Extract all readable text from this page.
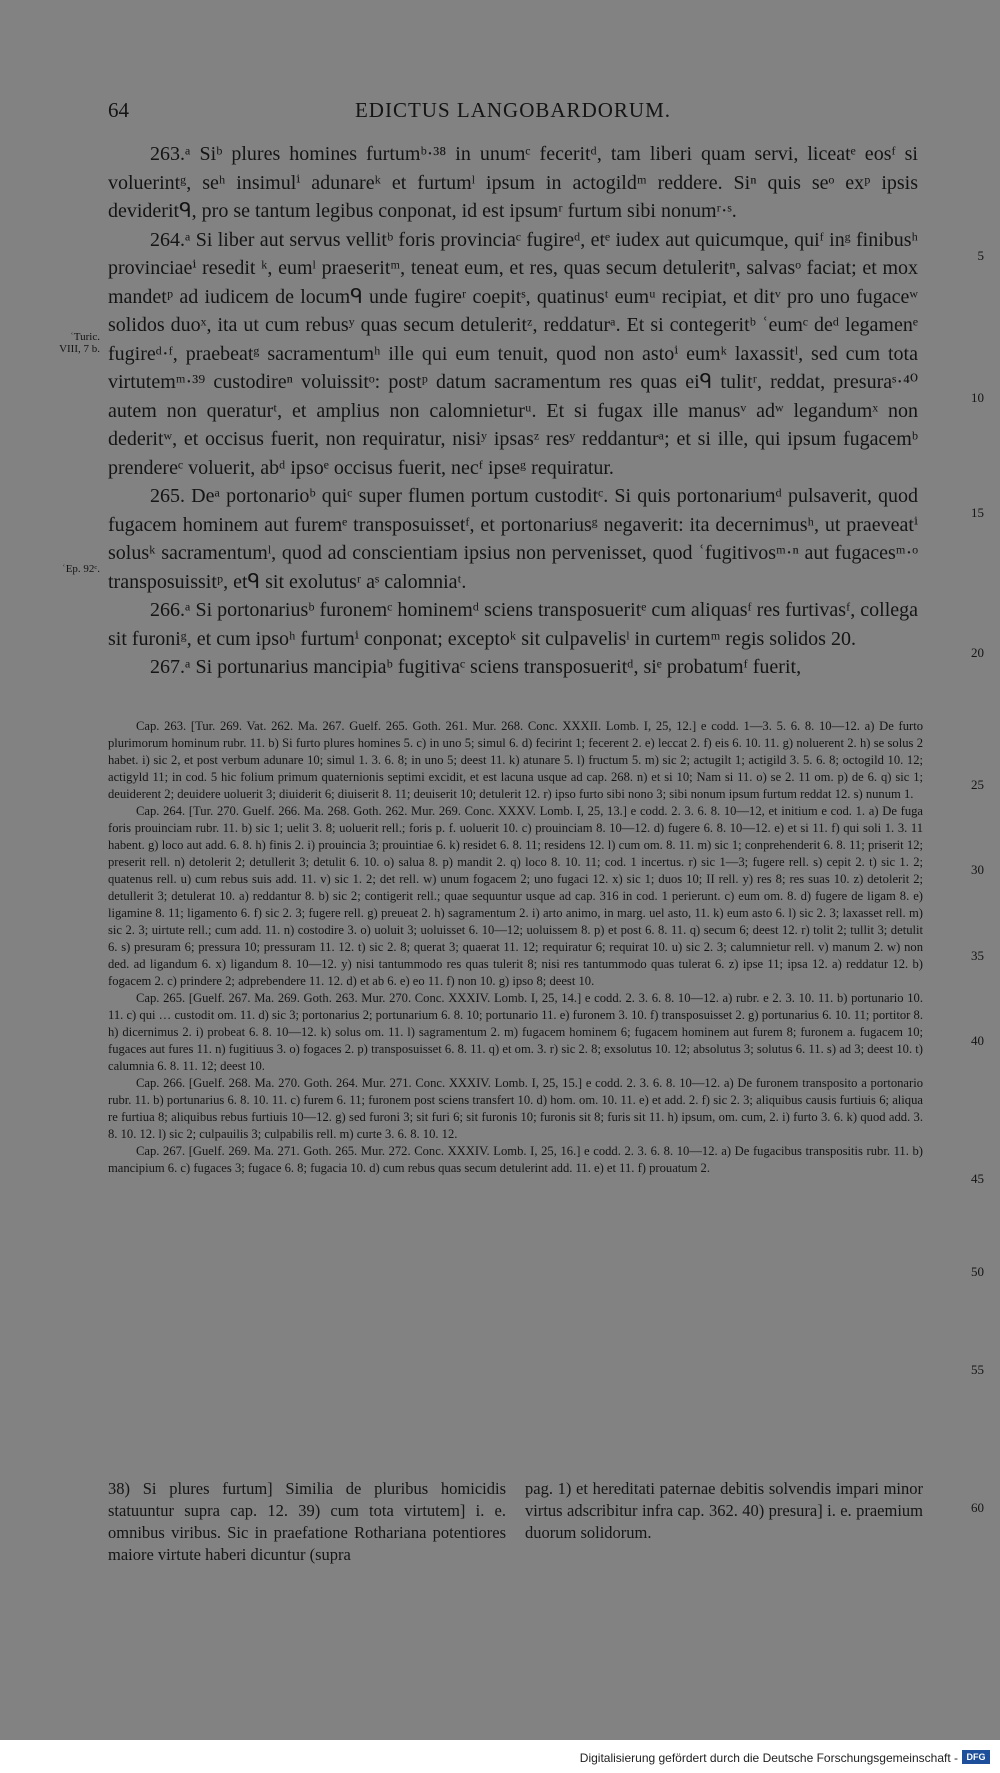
64	EDICTUS LANGOBARDORUM.

263.ᵃ Siᵇ plures homines furtumᵇ·³⁸ in unumᶜ feceritᵈ, tam liberi quam servi, liceatᵉ eosᶠ si voluerintᵍ, seʰ insimulⁱ adunareᵏ et furtumˡ ipsum in actogildᵐ reddere. Siⁿ quis seᵒ exᵖ ipsis devideritᑫ, pro se tantum legibus conponat, id est ipsumʳ furtum sibi nonumʳ·ˢ.

264.ᵃ Si liber aut servus vellitᵇ foris provinciaᶜ fugireᵈ, etᵉ iudex aut quicumque, quiᶠ inᵍ finibusʰ provinciaeⁱ resedit ᵏ, eumˡ praeseritᵐ, teneat eum, et res, quas secum detuleritⁿ, salvasᵒ faciat; et mox mandetᵖ ad iudicem de locumᑫ unde fugireʳ coepitˢ, quatinusᵗ eumᵘ recipiat, et ditᵛ pro uno fugaceʷ solidos duoˣ, ita ut cum rebusʸ quas secum detuleritᶻ, reddaturᵃ. Et si contegeritᵇ ʿeumᶜ deᵈ legamenᵉ fugireᵈ·ᶠ, praebeatᵍ sacramentumʰ ille qui eum tenuit, quod non astoⁱ eumᵏ laxassitˡ, sed cum tota virtutemᵐ·³⁹ custodireⁿ voluissitᵒ: postᵖ datum sacramentum res quas eiᑫ tulitʳ, reddat, presuraˢ·⁴⁰ autem non queraturᵗ, et amplius non calomnieturᵘ. Et si fugax ille manusᵛ adʷ legandumˣ non dederitʷ, et occisus fuerit, non requiratur, nisiʸ ipsasᶻ resʸ reddanturᵃ; et si ille, qui ipsum fugacemᵇ prendereᶜ voluerit, abᵈ ipsoᵉ occisus fuerit, necᶠ ipseᵍ requiratur.

265. Deᵃ portonarioᵇ quiᶜ super flumen portum custoditᶜ. Si quis portonariumᵈ pulsaverit, quod fugacem hominem aut furemᵉ transposuissetᶠ, et portonariusᵍ negaverit: ita decernimusʰ, ut praeveatⁱ solusᵏ sacramentumˡ, quod ad conscientiam ipsius non pervenisset, quod ʿfugitivosᵐ·ⁿ aut fugacesᵐ·ᵒ transposuissitᵖ, etᑫ sit exolutusʳ aˢ calomniaᵗ.

266.ᵃ Si portonariusᵇ furonemᶜ hominemᵈ sciens transposueritᵉ cum aliquasᶠ res furtivasᶠ, collega sit furoniᵍ, et cum ipsoʰ furtumⁱ conponat; exceptoᵏ sit culpavelisˡ in curtemᵐ regis solidos 20.

267.ᵃ Si portunarius mancipiaᵇ fugitivaᶜ sciens transposueritᵈ, siᵉ probatumᶠ fuerit,

ʿTuric. VIII, 7 b.
ʿEp. 92ᶜ.
5
10
15
20
25
30
35
40
45
50
55
60

Cap. 263. [Tur. 269. Vat. 262. Ma. 267. Guelf. 265. Goth. 261. Mur. 268. Conc. XXXII. Lomb. I, 25, 12.] e codd. 1—3. 5. 6. 8. 10—12. a) De furto plurimorum hominum rubr. 11. b) Si furto plures homines 5. c) in uno 5; simul 6. d) fecirint 1; fecerent 2. e) leccat 2. f) eis 6. 10. 11. g) noluerent 2. h) se solus 2 habet. i) sic 2, et post verbum adunare 10; simul 1. 3. 6. 8; in uno 5; deest 11. k) atunare 5. l) fructum 5. m) sic 2; actugilt 1; actigild 3. 5. 6. 8; octogild 10. 12; actigyld 11; in cod. 5 hic folium primum quaternionis septimi excidit, et est lacuna usque ad cap. 268. n) et si 10; Nam si 11. o) se 2. 11 om. p) de 6. q) sic 1; deuiderent 2; deuidere uoluerit 3; diuiderit 6; diuiserit 8. 11; deuiserit 10; detulerit 12. r) ipso furto sibi nono 3; sibi nonum ipsum furtum reddat 12. s) nunum 1.

Cap. 264. [Tur. 270. Guelf. 266. Ma. 268. Goth. 262. Mur. 269. Conc. XXXV. Lomb. I, 25, 13.] e codd. 2. 3. 6. 8. 10—12, et initium e cod. 1. a) De fuga foris prouinciam rubr. 11. b) sic 1; uelit 3. 8; uoluerit rell.; foris p. f. uoluerit 10. c) prouinciam 8. 10—12. d) fugere 6. 8. 10—12. e) et si 11. f) qui soli 1. 3. 11 habent. g) loco aut add. 6. 8. h) finis 2. i) prouincia 3; prouintiae 6. k) residet 6. 8. 11; residens 12. l) cum om. 8. 11. m) sic 1; conprehenderit 6. 8. 11; priserit 12; preserit rell. n) detolerit 2; detullerit 3; detulit 6. 10. o) salua 8. p) mandit 2. q) loco 8. 10. 11; cod. 1 incertus. r) sic 1—3; fugere rell. s) cepit 2. t) sic 1. 2; quatenus rell. u) cum rebus suis add. 11. v) sic 1. 2; det rell. w) unum fogacem 2; uno fugaci 12. x) sic 1; duos 10; II rell. y) res 8; res suas 10. z) detolerit 2; detullerit 3; detulerat 10. a) reddantur 8. b) sic 2; contigerit rell.; quae sequuntur usque ad cap. 316 in cod. 1 perierunt. c) eum om. 8. d) fugere de ligam 8. e) ligamine 8. 11; ligamento 6. f) sic 2. 3; fugere rell. g) preueat 2. h) sagramentum 2. i) arto animo, in marg. uel asto, 11. k) eum asto 6. l) sic 2. 3; laxasset rell. m) sic 2. 3; uirtute rell.; cum add. 11. n) costodire 3. o) uoluit 3; uoluisset 6. 10—12; uoluissem 8. p) et post 6. 8. 11. q) secum 6; deest 12. r) tolit 2; tullit 3; detulit 6. s) presuram 6; pressura 10; pressuram 11. 12. t) sic 2. 8; querat 3; quaerat 11. 12; requiratur 6; requirat 10. u) sic 2. 3; calumnietur rell. v) manum 2. w) non ded. ad ligandum 6. x) ligandum 8. 10—12. y) nisi tantummodo res quas tulerit 8; nisi res tantummodo quas tulerat 6. z) ipse 11; ipsa 12. a) reddatur 12. b) fogacem 2. c) prindere 2; adprebendere 11. 12. d) et ab 6. e) eo 11. f) non 10. g) ipso 8; deest 10.

Cap. 265. [Guelf. 267. Ma. 269. Goth. 263. Mur. 270. Conc. XXXIV. Lomb. I, 25, 14.] e codd. 2. 3. 6. 8. 10—12. a) rubr. e 2. 3. 10. 11. b) portunario 10. 11. c) qui … custodit om. 11. d) sic 3; portonarius 2; portunarium 6. 8. 10; portunario 11. e) furonem 3. 10. f) transposuisset 2. g) portunarius 6. 10. 11; portitor 8. h) dicernimus 2. i) probeat 6. 8. 10—12. k) solus om. 11. l) sagramentum 2. m) fugacem hominem 6; fugacem hominem aut furem 8; furonem a. fugacem 10; fugaces aut fures 11. n) fugitiuus 3. o) fogaces 2. p) transposuisset 6. 8. 11. q) et om. 3. r) sic 2. 8; exsolutus 10. 12; absolutus 3; solutus 6. 11. s) ad 3; deest 10. t) calumnia 6. 8. 11. 12; deest 10.

Cap. 266. [Guelf. 268. Ma. 270. Goth. 264. Mur. 271. Conc. XXXIV. Lomb. I, 25, 15.] e codd. 2. 3. 6. 8. 10—12. a) De furonem transposito a portonario rubr. 11. b) portunarius 6. 8. 10. 11. c) furem 6. 11; furonem post sciens transfert 10. d) hom. om. 10. 11. e) et add. 2. f) sic 2. 3; aliquibus causis furtiuis 6; aliqua re furtiua 8; aliquibus rebus furtiuis 10—12. g) sed furoni 3; sit furi 6; sit furonis 10; furonis sit 8; furis sit 11. h) ipsum, om. cum, 2. i) furto 3. 6. k) quod add. 3. 8. 10. 12. l) sic 2; culpauilis 3; culpabilis rell. m) curte 3. 6. 8. 10. 12.

Cap. 267. [Guelf. 269. Ma. 271. Goth. 265. Mur. 272. Conc. XXXIV. Lomb. I, 25, 16.] e codd. 2. 3. 6. 8. 10—12. a) De fugacibus transpositis rubr. 11. b) mancipium 6. c) fugaces 3; fugace 6. 8; fugacia 10. d) cum rebus quas secum detulerint add. 11. e) et 11. f) prouatum 2.

38) Si plures furtum] Similia de pluribus homicidis statuuntur supra cap. 12. 39) cum tota virtutem] i. e. omnibus viribus. Sic in praefatione Rothariana potentiores maiore virtute haberi dicuntur (supra
pag. 1) et hereditati paternae debitis solvendis impari minor virtus adscribitur infra cap. 362. 40) presura] i. e. praemium duorum solidorum.
Digitalisierung gefördert durch die Deutsche Forschungsgemeinschaft - DFG
